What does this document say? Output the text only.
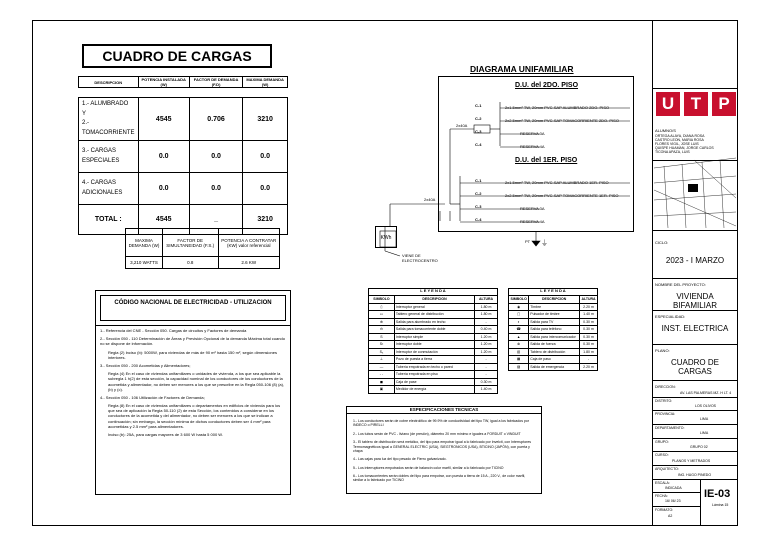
CUADRO DE CARGAS
DESCRIPCION	POTENCIA INSTALADA (W)	FACTOR DE DEMANDA (F.D)	MAXIMA DEMANDA (W)

1.- ALUMBRADO
Y
2.- TOMACORRIENTE	4545	0.706	3210
3.- CARGAS
ESPECIALES	0.0	0.0	0.0
4.- CARGAS
ADICIONALES	0.0	0.0	0.0
TOTAL :	4545	_	3210
MAXIMA DEMANDA (W)	FACTOR DE SIMULTANEIDAD (F.S.)	POTENCIA A CONTRATAR (KW) valor referencial
3,210 WATTS	0.8	2.6 KW
CÓDIGO NACIONAL DE ELECTRICIDAD - UTILIZACION

1.- Referencia del CNE - Sección 050. Cargas de circuitos y Factores de demanda

2.- Sección 050 - 110 Determinación de Áreas y Previsión Opcional de la demanda Máxima total cuando no se dispone de información.

Regla (2) Inciso (b): 5000W, para viviendas de más de 90 m² hasta 150 m², según dimensiones interiores.

3.- Sección 050 - 200 Acometidas y Alimentadores;

Regla (4) En el caso de viviendas unifamiliares o unidades de vivienda, a los que sea aplicable la subregla 1 h(2) de esta sección, la capacidad nominal de los conductores de los conductores de la acometida y alimentador, no deben ser menores a los que se prescribe en la Regla 050-106 (8) (a), (b) y (c).

4.- Sección 050 - 106 Utilización de Factores de Demanda;

Regla (8) En el caso de viviendas unifamiliares o departamentos en edificios de vivienda para los que sea de aplicación la Regla 50-110 (2) de esta Sección, los contenidos a considerar en los conductores de la acometida y del alimentador, no deben ser menores a los que se indican a continuación; sin embargo, la sección mínima de dichos conductores deben ser 4 mm² para acometidas y 2.5 mm² para alimentadores.

Inciso (b): 25A, para cargas mayores de 3 600 W hasta 5 000 W.

DIAGRAMA UNIFAMILIAR
D.U. del 2DO. PISO
D.U. del 1ER. PISO
C-1
C-2
C-3
C-4
2x1.5mm² TW, 20mm PVC-SAP ALUMBRADO 2DO. PISO
2x2.5mm² TW, 20mm PVC-SAP TOMACORRIENTE 2DO. PISO
RESERVA 3A
RESERVA 4A
C-1
C-2
C-3
C-4
2x1.5mm² TW, 20mm PVC-SAP ALUMBRADO 1ER. PISO
2x2.5mm² TW, 20mm PVC-SAP TOMACORRIENTE 1ER. PISO
RESERVA 3A
RESERVA 4A
2x40A
2x40A
KWh
VIENE DE ELECTROCENTRO
PT ⏚
L E Y E N D A
SIMBOLO	DESCRIPCION	ALTURA
▯	Interruptor general	1.80 m
▭	Tablero general de distribución	1.80 m
⊕	Salida para alumbrado en techo	-
⊖	Salida para tomacorriente doble	0.40 m
S	Interruptor simple	1.20 m
S²	Interruptor doble	1.20 m
S₃	Interruptor de conmutación	1.20 m
⊥	Pozo de puesta a tierra	-
—	Tubería empotrada en techo o pared	-
- -	Tubería empotrada en piso	-
◼	Caja de pase	0.30 m
▣	Medidor de energía	1.40 m
L E Y E N D A
SIMBOLO	DESCRIPCION	ALTURA
◉	Timbre	2.20 m
▢	Pulsador de timbre	1.40 m
◐	Salida para TV	0.30 m
☎	Salida para teléfono	0.30 m
▲	Salida para intercomunicador	0.30 m
⊗	Salida de fuerza	0.30 m
▥	Tablero de distribución	1.80 m
▦	Caja de paso	-
▨	Salida de emergencia	2.20 m

1.- Los conductores serán de cobre electrolítico de 99.9% de conductividad del tipo TW, igual a los fabricados por INDECO o PIRELLI

2.- Los tubos serán de PVC - liviano (de presión), diámetro 20 mm mínimo e iguales a FORDUIT o VINDUIT

3.- El tablero de distribución será metálico, del tipo para empotrar igual a lo fabricado por Invelcti, con Interruptores Termomagnéticos igual a GENERAL ELECTRIC (USA), SIEGTRONICOS (USA), BTICINO (JAPÓN), con puerta y chapa

4.- Las cajas para luz del tipo pesado de Fierro galvanizado.

5.- Los interruptores empotrados serán de balancín color marfil, similar a lo fabricado por TICINO

6.- Los tomacorrientes serán dobles del tipo para empotrar, con puesta a tierra de 15 A., 220 V., de color marfil, similar a lo fabricado por TICINO

ESPECIFICACIONES TECNICAS
U T	P
ALUMNO/S
ORTEGA ALAYA, DIANA ROSA
CASTRO LEON, MARIA ROSA
FLORES VIGIL, JOSE LUIS
QUISPE HUAMAN, JORGE CARLOS
TICONA APAZA, LUIS
CICLO:
2023 - I MARZO
NOMBRE DEL PROYECTO:
VIVIENDA BIFAMILIAR
ESPECIALIDAD:
INST. ELECTRICA
PLANO:
CUADRO DE CARGAS
DIRECCION:
AV. LAS PALMERAS MZ. H LT. 4
DISTRITO:
LOS OLIVOS
PROVINCIA:
LIMA
DEPARTAMENTO:
LIMA
GRUPO:
GRUPO 02
CURSO:
PLANOS Y METRADOS
ARQUITECTO:
ING. HUGO PINEDO
ESCALA:
INDICADA
FECHA:
16/ 06/ 23
FORMATO:
A2
IE-03
Lámina 15
